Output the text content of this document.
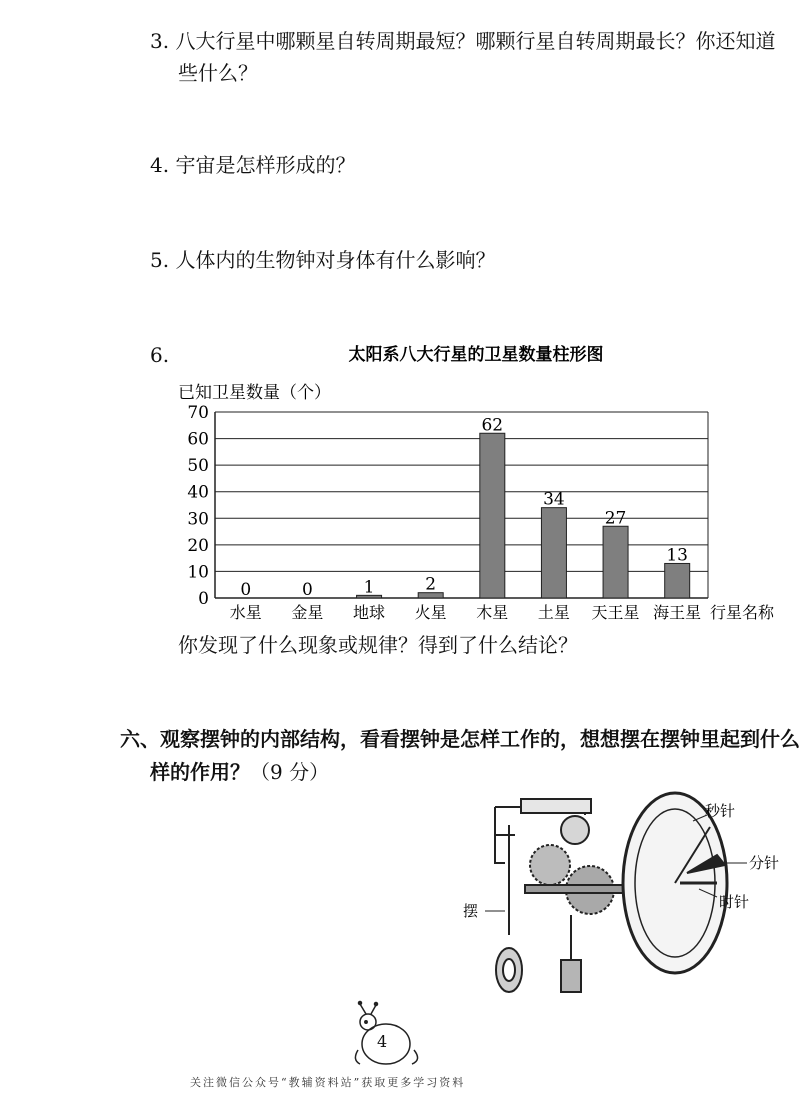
3. 八大行星中哪颗星自转周期最短？哪颗行星自转周期最长？你还知道
些什么？
4. 宇宙是怎样形成的？
5. 人体内的生物钟对身体有什么影响？
6.	太阳系八大行星的卫星数量柱形图
已知卫星数量（个）
0
10
20
30
40
50
60
70
0
水星
0
金星
1
地球
2
火星
62
木星
34
土星
27
天王星
13
海王星 行星名称
你发现了什么现象或规律？得到了什么结论？
六、观察摆钟的内部结构，看看摆钟是怎样工作的，想想摆在摆钟里起到什么
样的作用？（9 分）
秒针
分针
时针
摆
4
关注微信公众号“教辅资料站”获取更多学习资料
